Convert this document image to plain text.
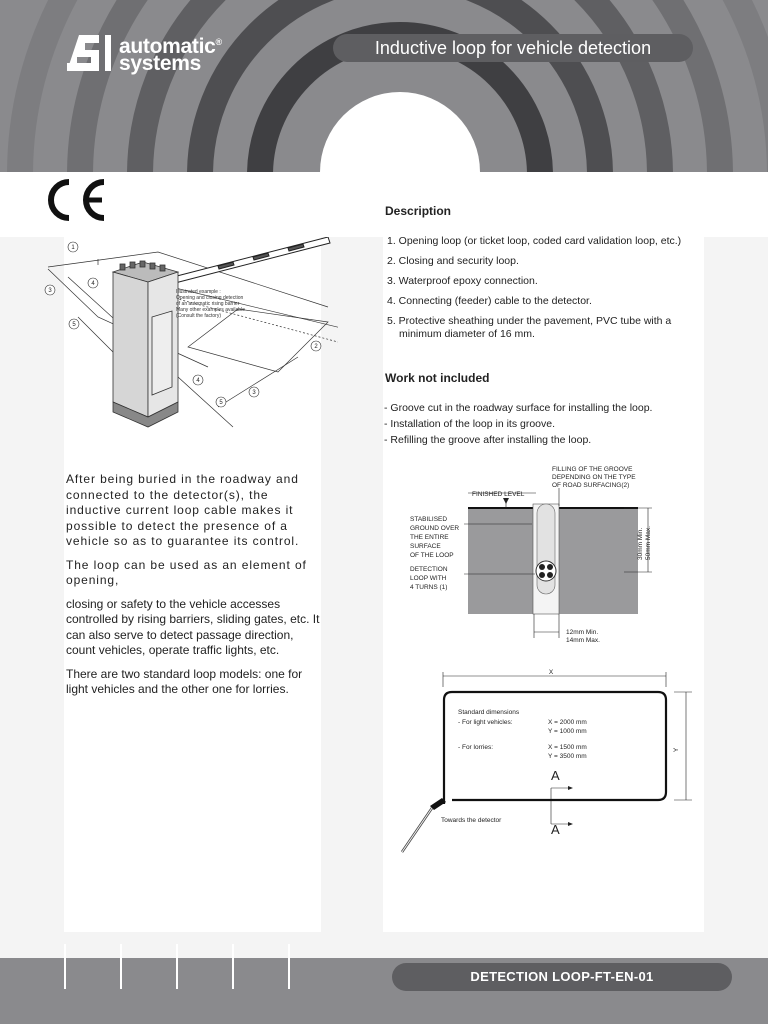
automatic®
systems
Inductive loop for vehicle detection
Illustrated example :
Opening and closing detection
of an automatic rising barrier
Many other examples available
(Consult the factory)
1
2
3
3
4
4
5
5
Description
1. Opening loop (or ticket loop, coded card validation loop, etc.)
2. Closing and security loop.
3. Waterproof epoxy connection.
4. Connecting (feeder) cable to the detector.
5. Protective sheathing under the pavement, PVC tube with a minimum diameter of 16 mm.
Work not included
- Groove cut in the roadway surface for installing the loop.
- Installation of the loop in its groove.
- Refilling the groove after installing the loop.

After being buried in the roadway and connected to the detector(s), the inductive current loop cable makes it possible to detect the presence of a vehicle so as to guarantee its control.

The loop can be used as an element of opening,

closing or safety to the vehicle accesses controlled by rising barriers, sliding gates, etc. It can also serve to detect passage direction, count vehicles, operate traffic lights, etc.

There are two standard loop models: one for light vehicles and the other one for lorries.

FILLING OF THE GROOVE
DEPENDING ON THE TYPE
OF ROAD SURFACING(2)
FINISHED LEVEL
STABILISED
GROUND OVER
THE ENTIRE
SURFACE
OF THE LOOP
DETECTION
LOOP WITH
4 TURNS (1)
12mm Min.
14mm Max.
30mm Min. 50mm Max.
X
Y
Standard dimensions
- For light vehicles:	X = 2000 mm
Y = 1000 mm
- For lorries:	X = 1500 mm
Y = 3500 mm
Towards the detector
A
A
DETECTION LOOP-FT-EN-01
